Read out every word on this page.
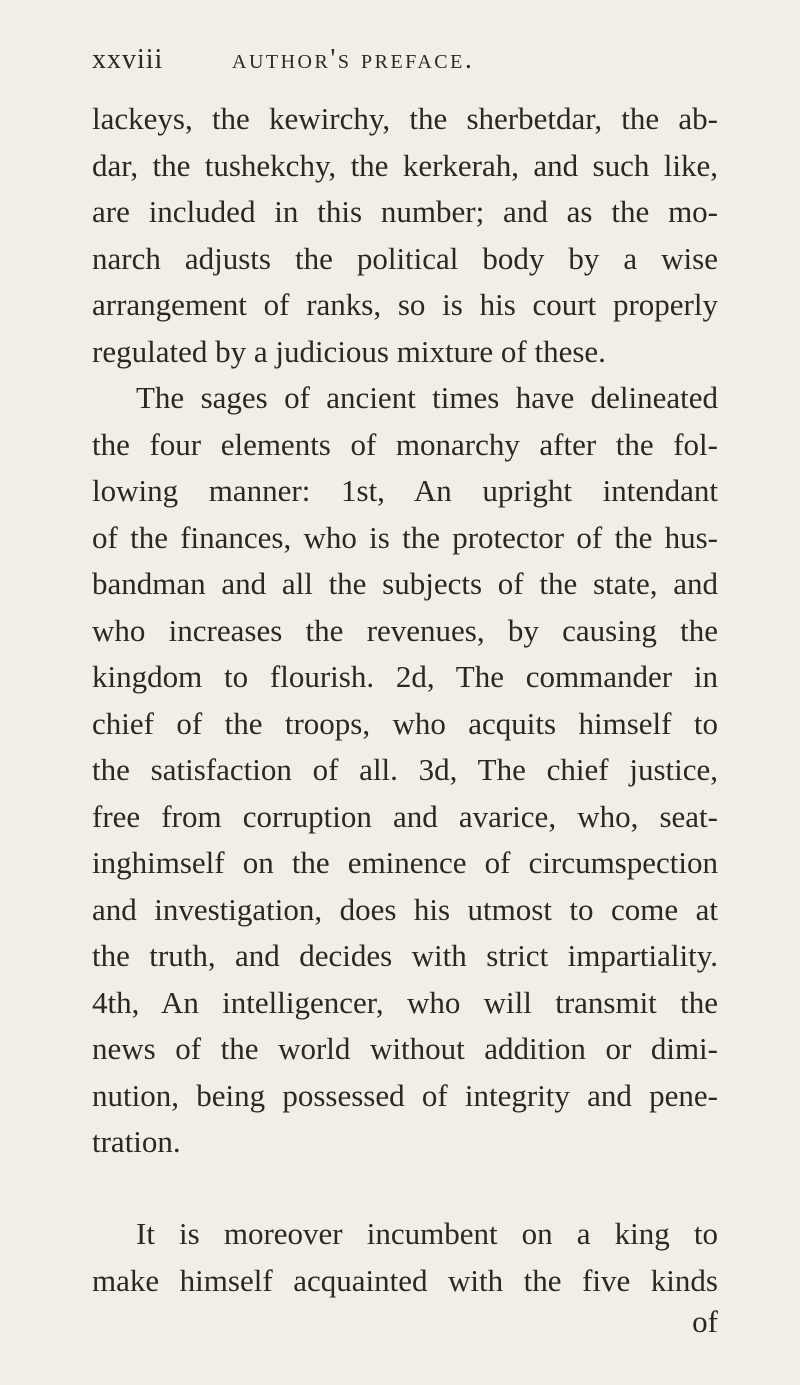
xxviii author's preface.
lackeys, the kewirchy, the sherbetdar, the ab-
dar, the tushekchy, the kerkerah, and such like,
are included in this number; and as the mo-
narch adjusts the political body by a wise
arrangement of ranks, so is his court properly
regulated by a judicious mixture of these.
The sages of ancient times have delineated
the four elements of monarchy after the fol-
lowing manner: 1st, An upright intendant
of the finances, who is the protector of the hus-
bandman and all the subjects of the state, and
who increases the revenues, by causing the
kingdom to flourish. 2d, The commander in
chief of the troops, who acquits himself to
the satisfaction of all. 3d, The chief justice,
free from corruption and avarice, who, seat-
inghimself on the eminence of circumspection
and investigation, does his utmost to come at
the truth, and decides with strict impartiality.
4th, An intelligencer, who will transmit the
news of the world without addition or dimi-
nution, being possessed of integrity and pene-
tration.
It is moreover incumbent on a king to
make himself acquainted with the five kinds
of
